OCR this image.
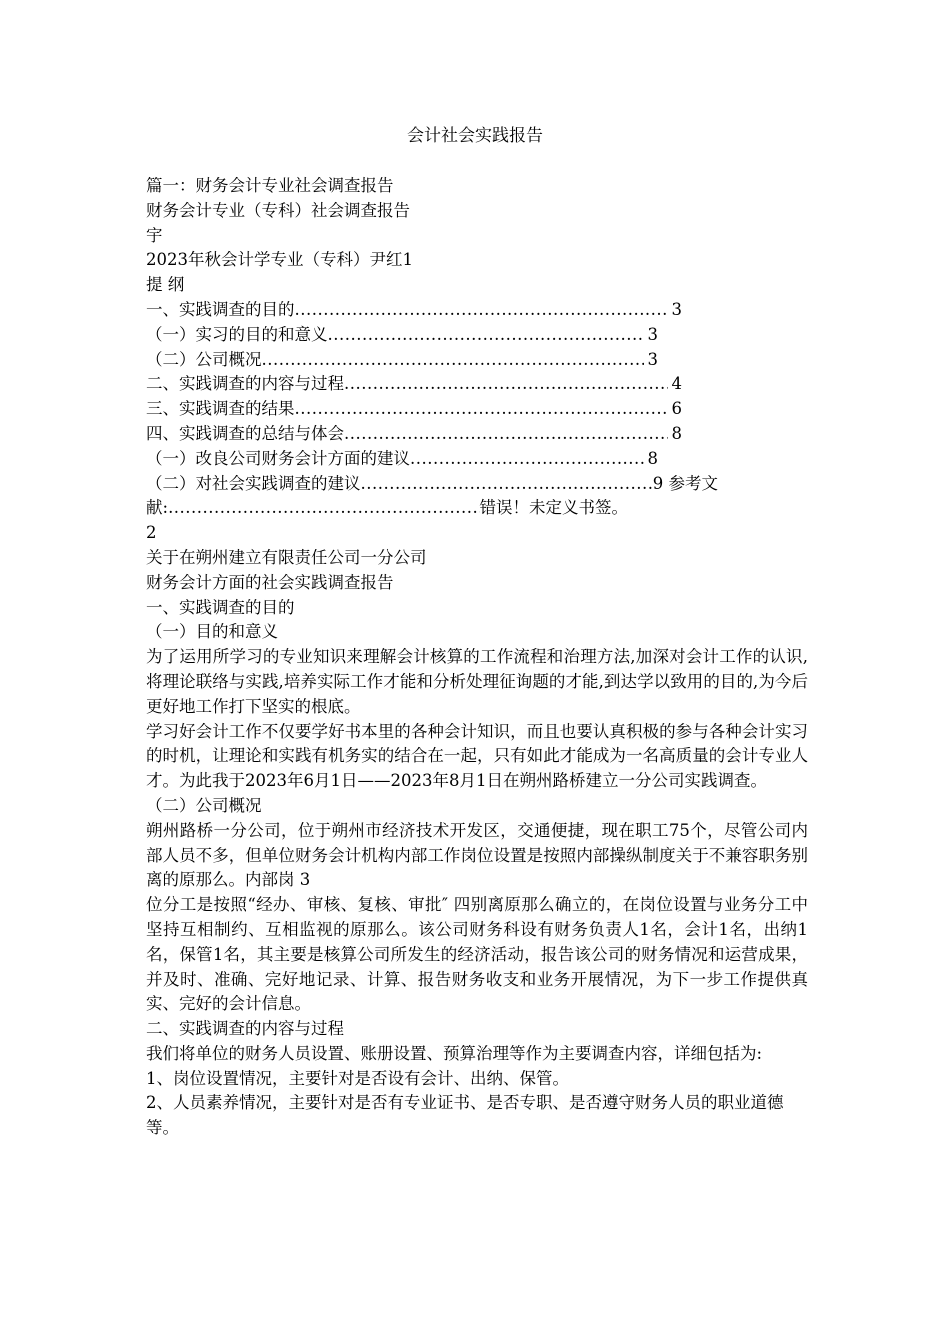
会计社会实践报告

篇一：财务会计专业社会调查报告

财务会计专业（专科）社会调查报告

宇

2023年秋会计学专业（专科）尹红1

提 纲

一、实践调查的目的 .....	3
（一）实习的目的和意义 .....	3
（二）公司概况 .....	3
二、实践调查的内容与过程 .....	4
三、实践调查的结果 .....	6
四、实践调查的总结与体会 .....	8
（一）改良公司财务会计方面的建议 .....	8
（二）对社会实践调查的建议 .....	9 参考文
献: .....	错误！未定义书签。

2

关于在朔州建立有限责任公司一分公司

财务会计方面的社会实践调查报告

一、实践调查的目的

（一）目的和意义

为了运用所学习的专业知识来理解会计核算的工作流程和治理方法,加深对会计工作的认识,将理论联络与实践,培养实际工作才能和分析处理征询题的才能,到达学以致用的目的,为今后更好地工作打下坚实的根底。

学习好会计工作不仅要学好书本里的各种会计知识，而且也要认真积极的参与各种会计实习的时机，让理论和实践有机务实的结合在一起，只有如此才能成为一名高质量的会计专业人才。为此我于2023年6月1日——2023年8月1日在朔州路桥建立一分公司实践调查。

（二）公司概况

朔州路桥一分公司，位于朔州市经济技术开发区，交通便捷，现在职工75个，尽管公司内部人员不多，但单位财务会计机构内部工作岗位设置是按照内部操纵制度关于不兼容职务别离的原那么。内部岗 3

位分工是按照“经办、审核、复核、审批″ 四别离原那么确立的，在岗位设置与业务分工中坚持互相制约、互相监视的原那么。该公司财务科设有财务负责人1名，会计1名，出纳1名，保管1名，其主要是核算公司所发生的经济活动，报告该公司的财务情况和运营成果，并及时、准确、完好地记录、计算、报告财务收支和业务开展情况，为下一步工作提供真实、完好的会计信息。

二、实践调查的内容与过程

我们将单位的财务人员设置、账册设置、预算治理等作为主要调查内容，详细包括为:

1、岗位设置情况，主要针对是否设有会计、出纳、保管。

2、人员素养情况，主要针对是否有专业证书、是否专职、是否遵守财务人员的职业道德等。
